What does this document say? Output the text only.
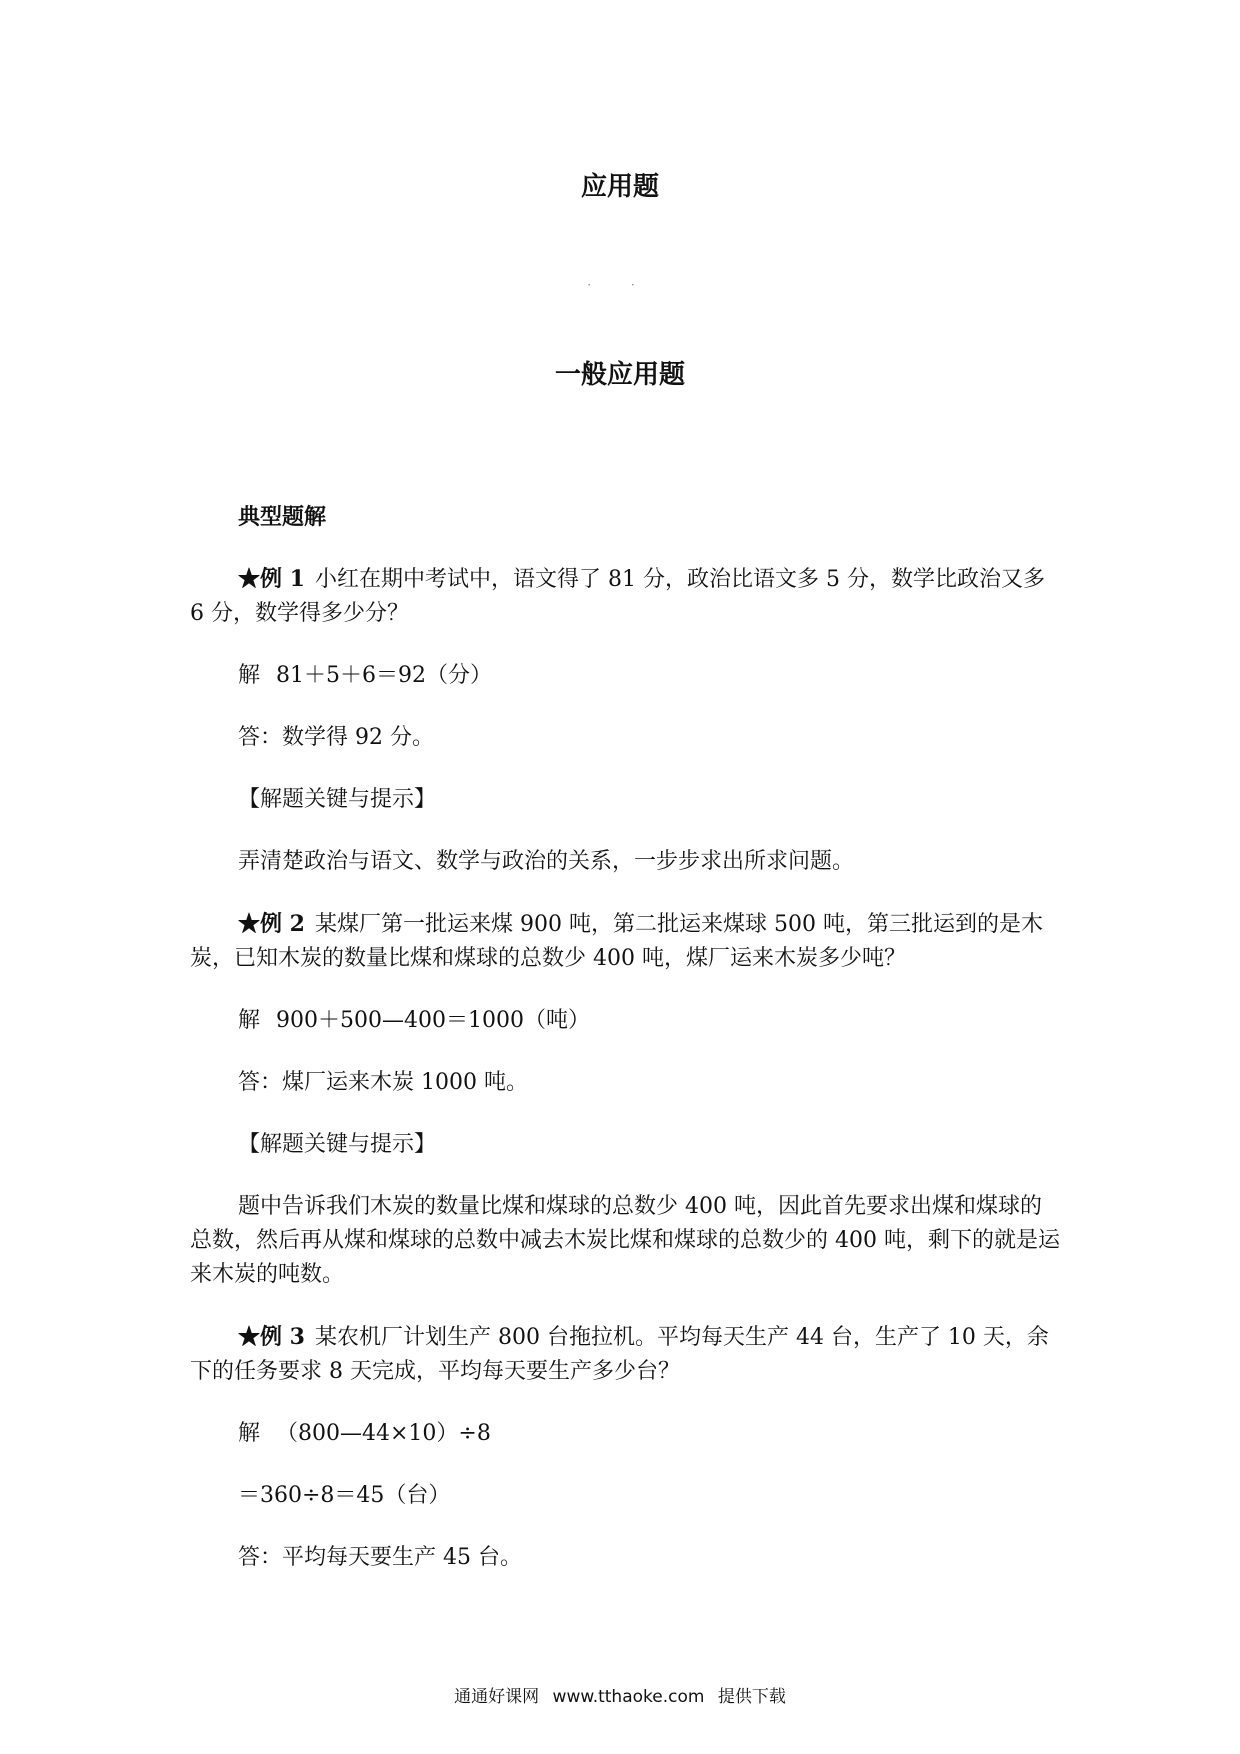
应用题
· ·
一般应用题

典型题解

★例 1 小红在期中考试中，语文得了 81 分，政治比语文多 5 分，数学比政治又多 6 分，数学得多少分？

解 81＋5＋6＝92（分）

答：数学得 92 分。

【解题关键与提示】

弄清楚政治与语文、数学与政治的关系，一步步求出所求问题。

★例 2 某煤厂第一批运来煤 900 吨，第二批运来煤球 500 吨，第三批运到的是木炭，已知木炭的数量比煤和煤球的总数少 400 吨，煤厂运来木炭多少吨？

解 900＋500—400＝1000（吨）

答：煤厂运来木炭 1000 吨。

【解题关键与提示】

题中告诉我们木炭的数量比煤和煤球的总数少 400 吨，因此首先要求出煤和煤球的总数，然后再从煤和煤球的总数中减去木炭比煤和煤球的总数少的 400 吨，剩下的就是运来木炭的吨数。

★例 3 某农机厂计划生产 800 台拖拉机。平均每天生产 44 台，生产了 10 天，余下的任务要求 8 天完成，平均每天要生产多少台？

解 （800—44×10）÷8

＝360÷8＝45（台）

答：平均每天要生产 45 台。

通通好课网 www.tthaoke.com 提供下载
